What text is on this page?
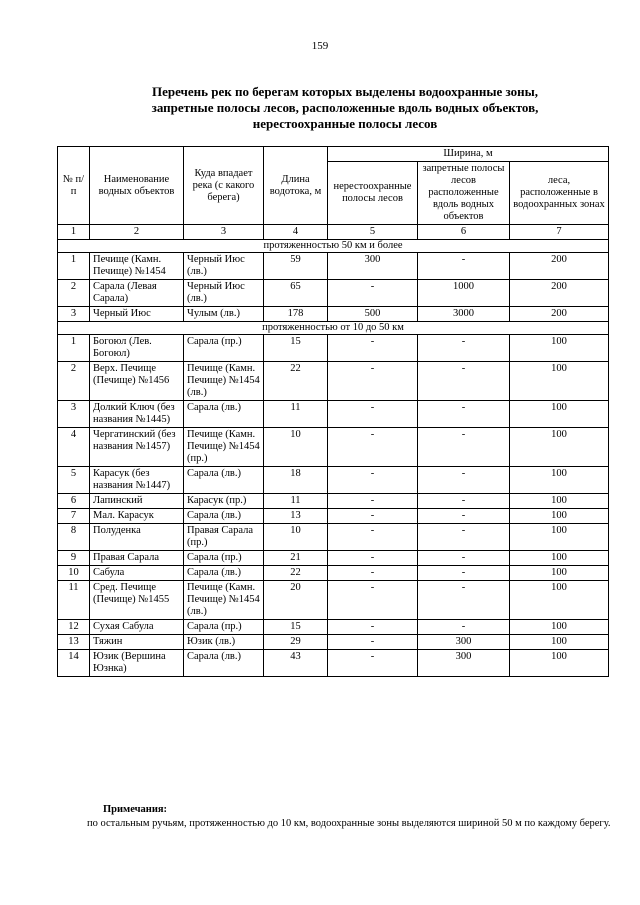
159
Перечень рек по берегам которых выделены водоохранные зоны, запретные полосы лесов, расположенные вдоль водных объектов, нерестоохранные полосы лесов
№ п/п	Наименование водных объектов	Куда впадает река (с какого берега)	Длина водотока, м	Ширина, м		
				нерестоохранные полосы лесов	запретные полосы лесов расположенные вдоль водных объектов	леса, расположенные в водоохранных зонах
1	2	3	4	5	6	7
протяженностью 50 км и более						
1	Печище (Камн. Печище) №1454	Черный Июс (лв.)	59	300	-	200
2	Сарала (Левая Сарала)	Черный Июс (лв.)	65	-	1000	200
3	Черный Июс	Чулым (лв.)	178	500	3000	200
протяженностью от 10 до 50 км						
1	Богоюл (Лев. Богоюл)	Сарала (пр.)	15	-	-	100
2	Верх. Печище (Печище) №1456	Печище (Камн. Печище) №1454 (лв.)	22	-	-	100
3	Долкий Ключ (без названия №1445)	Сарала (лв.)	11	-	-	100
4	Чергатинский (без названия №1457)	Печище (Камн. Печище) №1454 (пр.)	10	-	-	100
5	Карасук (без названия №1447)	Сарала (лв.)	18	-	-	100
6	Лапинский	Карасук (пр.)	11	-	-	100
7	Мал. Карасук	Сарала (лв.)	13	-	-	100
8	Полуденка	Правая Сарала (пр.)	10	-	-	100
9	Правая Сарала	Сарала (пр.)	21	-	-	100
10	Сабула	Сарала (лв.)	22	-	-	100
11	Сред. Печище (Печище) №1455	Печище (Камн. Печище) №1454 (лв.)	20	-	-	100
12	Сухая Сабула	Сарала (пр.)	15	-	-	100
13	Тяжин	Юзик (лв.)	29	-	300	100
14	Юзик (Вершина Юзнка)	Сарала (лв.)	43	-	300	100
Примечания:
по остальным ручьям, протяженностью до 10 км, водоохранные зоны выделяются шириной 50 м по каждому берегу.
